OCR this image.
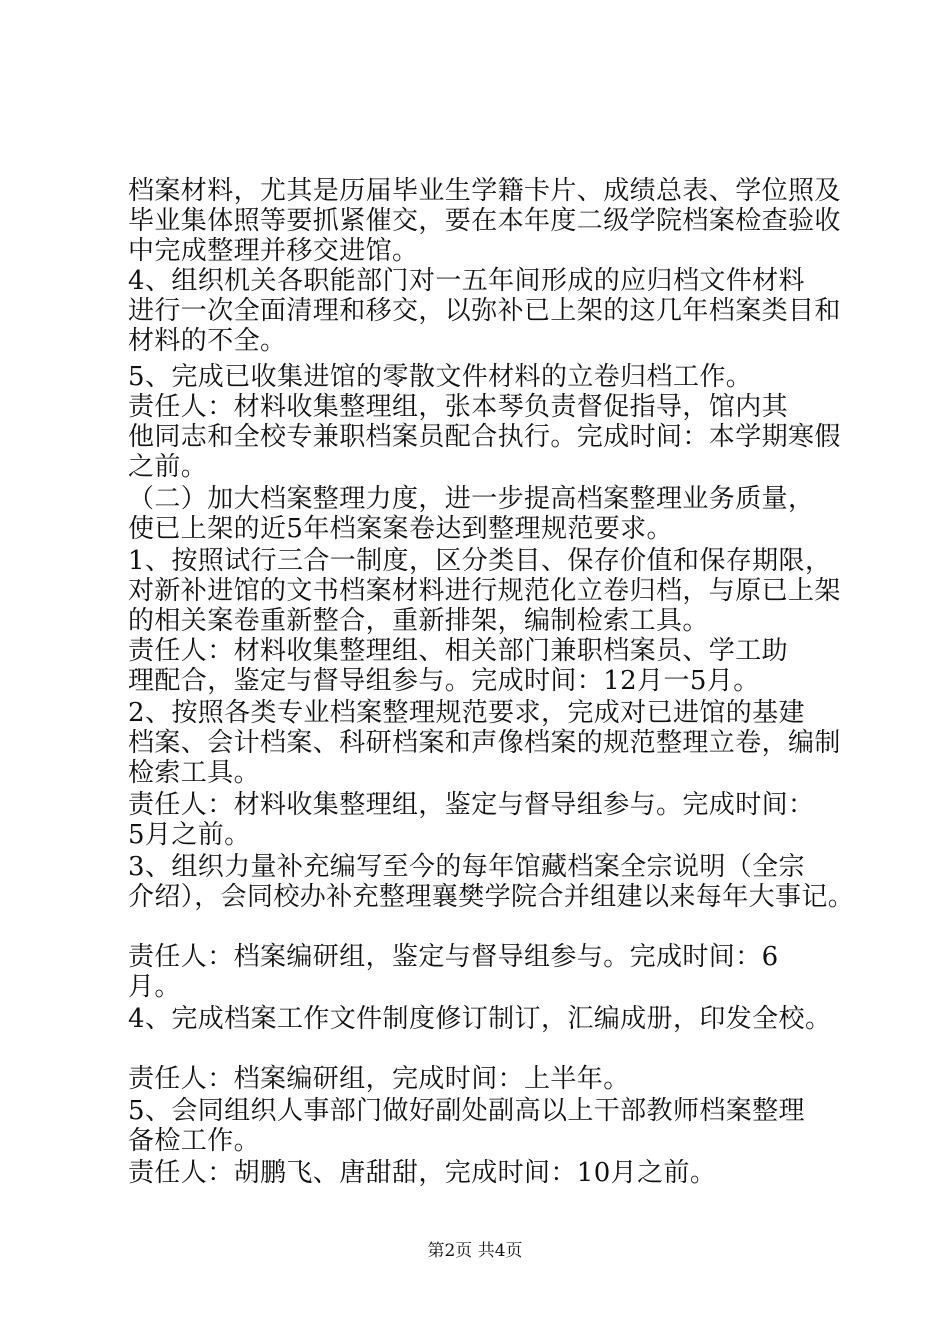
档案材料，尤其是历届毕业生学籍卡片、成绩总表、学位照及
毕业集体照等要抓紧催交，要在本年度二级学院档案检查验收
中完成整理并移交进馆。
4、组织机关各职能部门对一五年间形成的应归档文件材料
进行一次全面清理和移交，以弥补已上架的这几年档案类目和
材料的不全。
5、完成已收集进馆的零散文件材料的立卷归档工作。
责任人：材料收集整理组，张本琴负责督促指导，馆内其
他同志和全校专兼职档案员配合执行。完成时间：本学期寒假
之前。
（二）加大档案整理力度，进一步提高档案整理业务质量，
使已上架的近5年档案案卷达到整理规范要求。
1、按照试行三合一制度，区分类目、保存价值和保存期限，
对新补进馆的文书档案材料进行规范化立卷归档，与原已上架
的相关案卷重新整合，重新排架，编制检索工具。
责任人：材料收集整理组、相关部门兼职档案员、学工助
理配合，鉴定与督导组参与。完成时间：12月一5月。
2、按照各类专业档案整理规范要求，完成对已进馆的基建
档案、会计档案、科研档案和声像档案的规范整理立卷，编制
检索工具。
责任人：材料收集整理组，鉴定与督导组参与。完成时间：
5月之前。
3、组织力量补充编写至今的每年馆藏档案全宗说明（全宗
介绍），会同校办补充整理襄樊学院合并组建以来每年大事记。
责任人：档案编研组，鉴定与督导组参与。完成时间：6
月。
4、完成档案工作文件制度修订制订，汇编成册，印发全校。
责任人：档案编研组，完成时间：上半年。
5、会同组织人事部门做好副处副高以上干部教师档案整理
备检工作。
责任人：胡鹏飞、唐甜甜，完成时间：10月之前。
第2页 共4页
